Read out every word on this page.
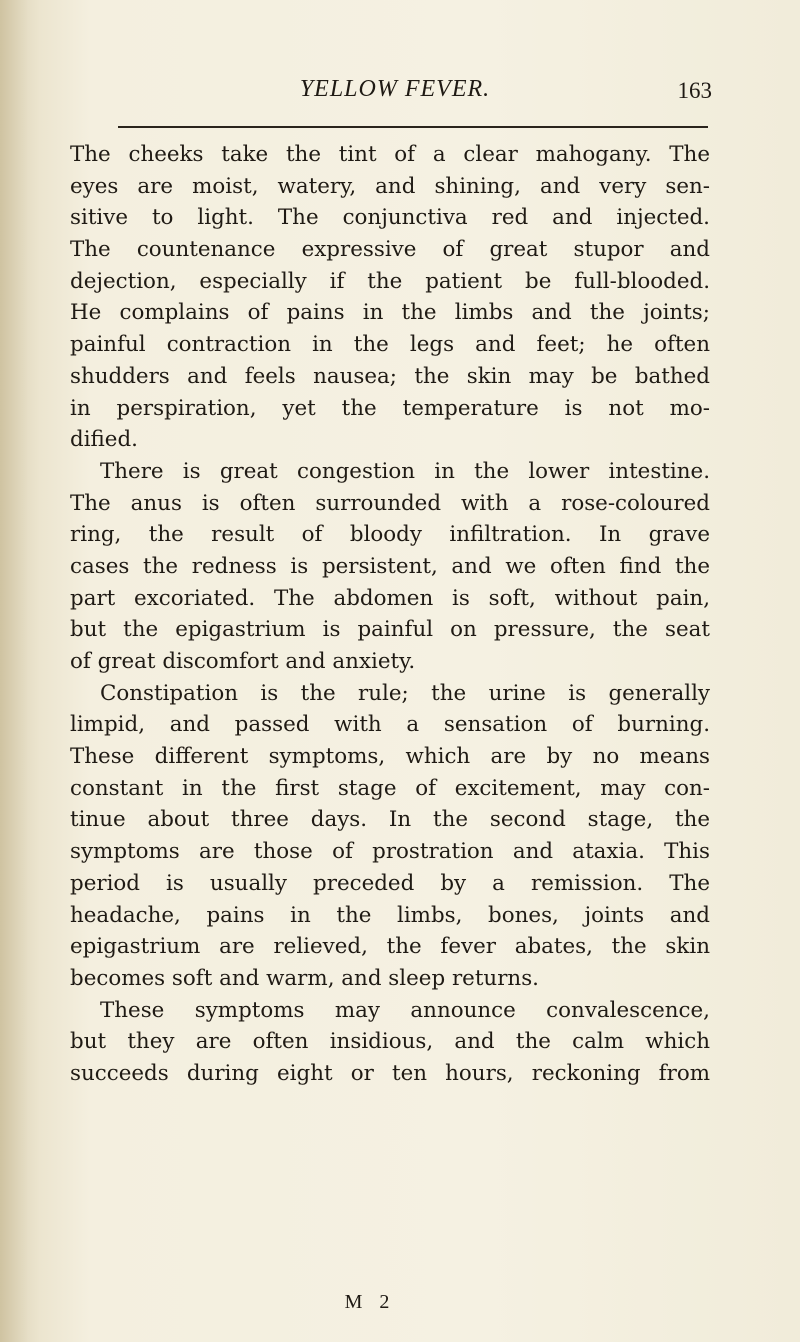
YELLOW FEVER.	163
The cheeks take the tint of a clear mahogany. The
eyes are moist, watery, and shining, and very sen-
sitive to light. The conjunctiva red and injected.
The countenance expressive of great stupor and
dejection, especially if the patient be full-blooded.
He complains of pains in the limbs and the joints;
painful contraction in the legs and feet; he often
shudders and feels nausea; the skin may be bathed
in perspiration, yet the temperature is not mo-
dified.
There is great congestion in the lower intestine.
The anus is often surrounded with a rose-coloured
ring, the result of bloody infiltration. In grave
cases the redness is persistent, and we often find the
part excoriated. The abdomen is soft, without pain,
but the epigastrium is painful on pressure, the seat
of great discomfort and anxiety.
Constipation is the rule; the urine is generally
limpid, and passed with a sensation of burning.
These different symptoms, which are by no means
constant in the first stage of excitement, may con-
tinue about three days. In the second stage, the
symptoms are those of prostration and ataxia. This
period is usually preceded by a remission. The
headache, pains in the limbs, bones, joints and
epigastrium are relieved, the fever abates, the skin
becomes soft and warm, and sleep returns.
These symptoms may announce convalescence,
but they are often insidious, and the calm which
succeeds during eight or ten hours, reckoning from
M 2
